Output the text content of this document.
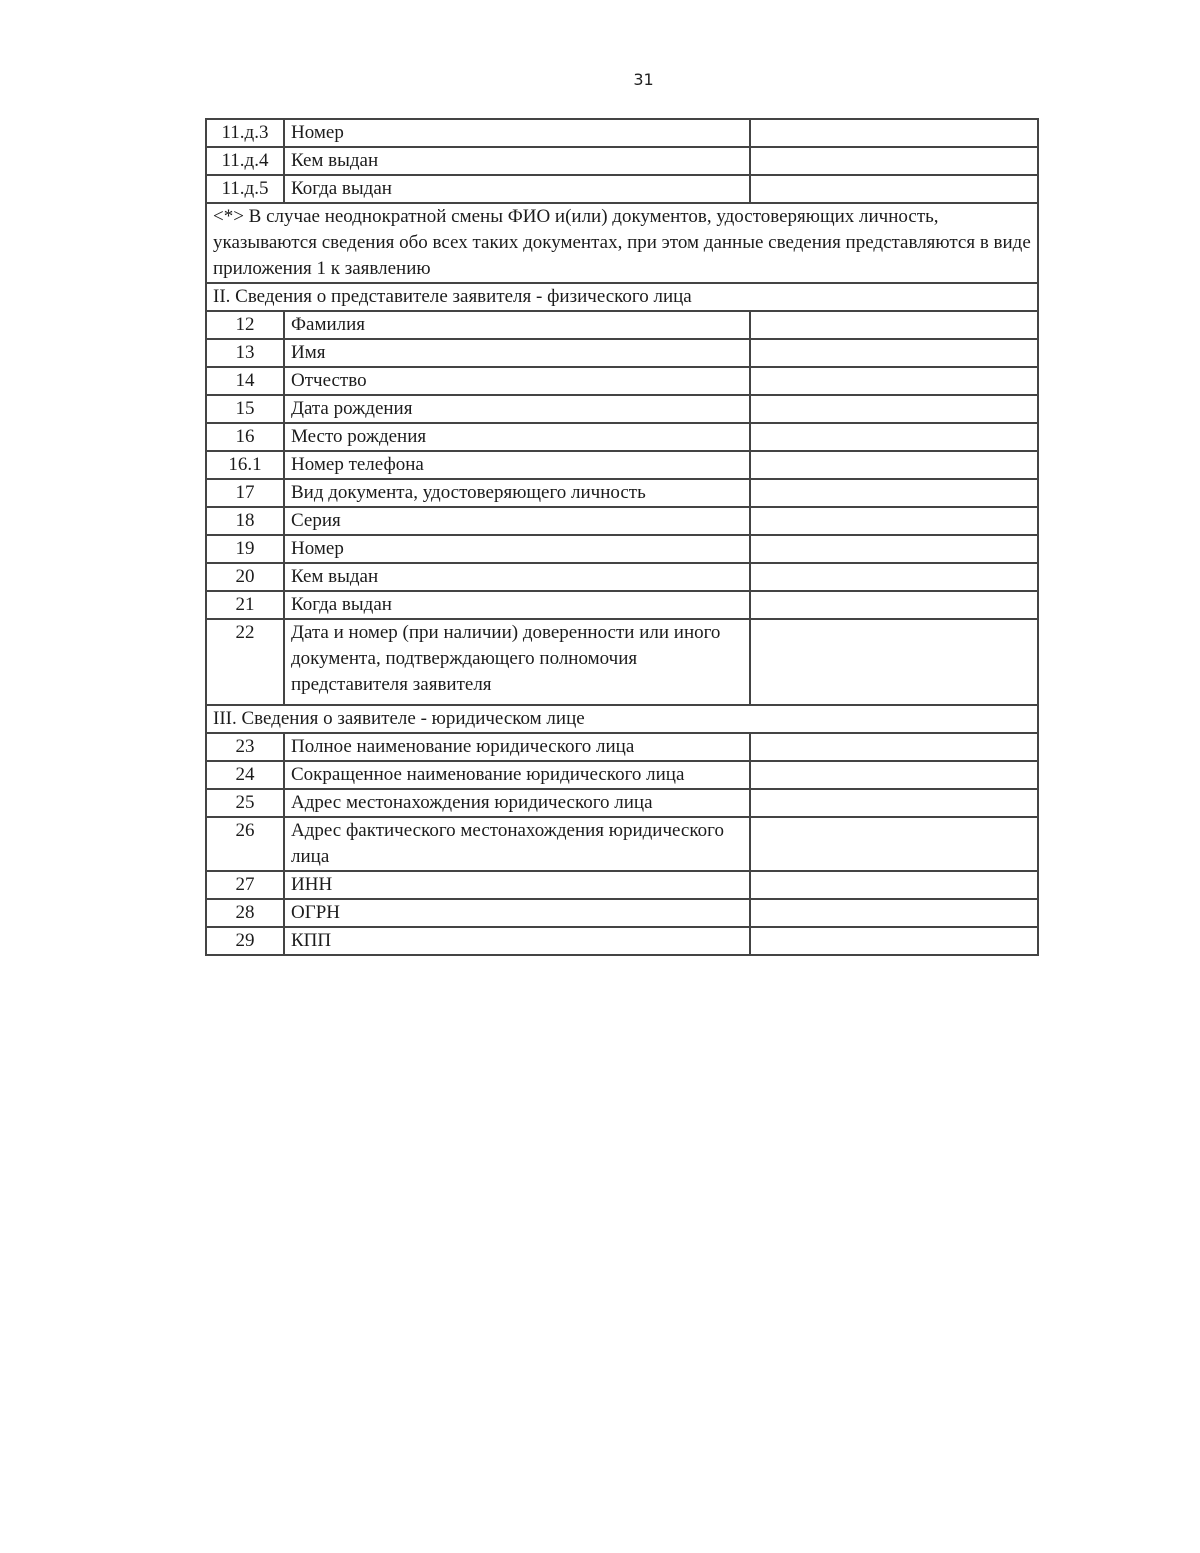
31
11.д.3	Номер	
11.д.4	Кем выдан	
11.д.5	Когда выдан	
<*> В случае неоднократной смены ФИО и(или) документов, удостоверяющих личность, указываются сведения обо всех таких документах, при этом данные сведения представляются в виде приложения 1 к заявлению		
II. Сведения о представителе заявителя - физического лица		
12	Фамилия	
13	Имя	
14	Отчество	
15	Дата рождения	
16	Место рождения	
16.1	Номер телефона	
17	Вид документа, удостоверяющего личность	
18	Серия	
19	Номер	
20	Кем выдан	
21	Когда выдан	
22	Дата и номер (при наличии) доверенности или иного документа, подтверждающего полномочия представителя заявителя	
III. Сведения о заявителе - юридическом лице		
23	Полное наименование юридического лица	
24	Сокращенное наименование юридического лица	
25	Адрес местонахождения юридического лица	
26	Адрес фактического местонахождения юридического лица	
27	ИНН	
28	ОГРН	
29	КПП	
